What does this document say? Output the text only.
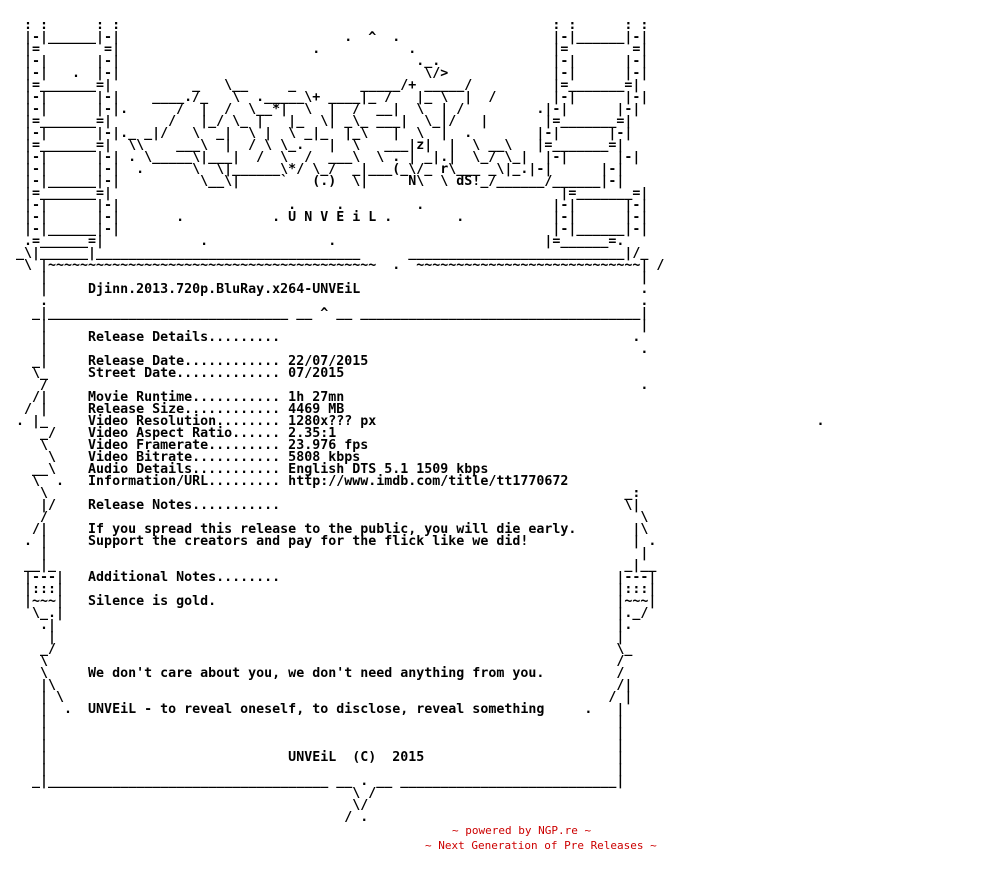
: :      : :                                                      : :      : :
|-|______|-|                            .  ^  .                   |-|______|-|
|=        =|                        .           .                 |=        =|
|-|      |-|                                     ._.              |-|      |-|
|-|   .  |-|                                      \/>             |-|      |-|
|=_______=|          _   \__     _        _____/+ _____/          |=_______=|
|-|      |-|    ____./_   \  ._____\+ ____|_ /   |_ \  |  /       |-|      |-|
|-|      |-|.      /  |  /  \__*|  \  |  /  __|  \  | /         .|-|      |-|
|=_______=|       /   |_/ \_ |   |_  \| _\_ ___|  \_|/   |       |=_______=|
|-|      |-|._ _|/   \  _|  \ |  \ _|_  |_\   |  \  |  .        |-|      |-|
|=_______=|  \\    ___\  |  / \ \_.   |  \   ___|z|  |  \ __\   |=_______=|
|-|      |-| . \_____\|___|  /  \  /  ___\  \ . | _|.|  \_/ \_|  |-|      |-|
|-|      |-|  .      \  \|______\*/ \_/  _|___(_\/_ r\___ _\|_.|-|      |-|
|-|______|-|          \__\|     `   (.)  \|     N\  \ dS!_/______/______|-|
|=_______=|                                                        |=_______=|
|-|      |-|                     .     .         .                |-|      |-|
|-|      |-|       .           . U N V E i L .        .           |-|      |-|
|-|______|-|                                                      |-|______|-|
.=______=|            .               .                          |=______=.
_\|______|_________________________________      ___________________________|/_
\ |~~~~~~~~~~~~~~~~~~~~~~~~~~~~~~~~~~~~~~~~~  .  ~~~~~~~~~~~~~~~~~~~~~~~~~~~~| /
|                                                                          |
|     Djinn.2013.720p.BluRay.x264-UNVEiL                                   .
.                                                                          .
_|______________________________ __ ^ __ ___________________________________|
|                                                                          |
|     Release Details.........                                            .
|                                                                          .
_|     Release Date............ 22/07/2015
\_     Street Date............. 07/2015
/                                                                          .
/|     Movie Runtime........... 1h 27mn
/ |     Release Size............ 4469 MB
. |_     Video Resolution........ 1280x??? px                                                       .
_/    Video Aspect Ratio...... 2.35:1
\     Video Framerate......... 23.976 fps
\    Video Bitrate........... 5808 kbps
__\    Audio Details........... English DTS 5.1 1509 kbps
\  .   Information/URL......... http://www.imdb.com/title/tt1770672
\                                                                        _:
|/    Release Notes...........                                           \|
/                                                                          \
/|     If you spread this release to the public, you will die early.       |\
. |     Support the creators and pay for the flick like we did!             | .
|                                                                          |
__|_                                                                       _|__
|---|   Additional Notes........                                          |---|
|:::|                                                                     |:::|
|~~~|   Silence is gold.                                                  |~~~|
\_.|                                                                     |._/
.|                                                                      |.
|                                                                      |
_/                                                                      \_
\                                                                       /
\     We don't care about you, we don't need anything from you.         /
|\                                                                      /|
| \                                                                    / |
|  .  UNVEiL - to reveal oneself, to disclose, reveal something     .   |
|                                                                       |
|                                                                       |
|                                                                       |
|                              UNVEiL  (C)  2015                        |
|                                                                       |
_|___________________________________ __ . __ ___________________________|
\ /
\/
/ .
~ powered by NGP.re ~
~ Next Generation of Pre Releases ~
